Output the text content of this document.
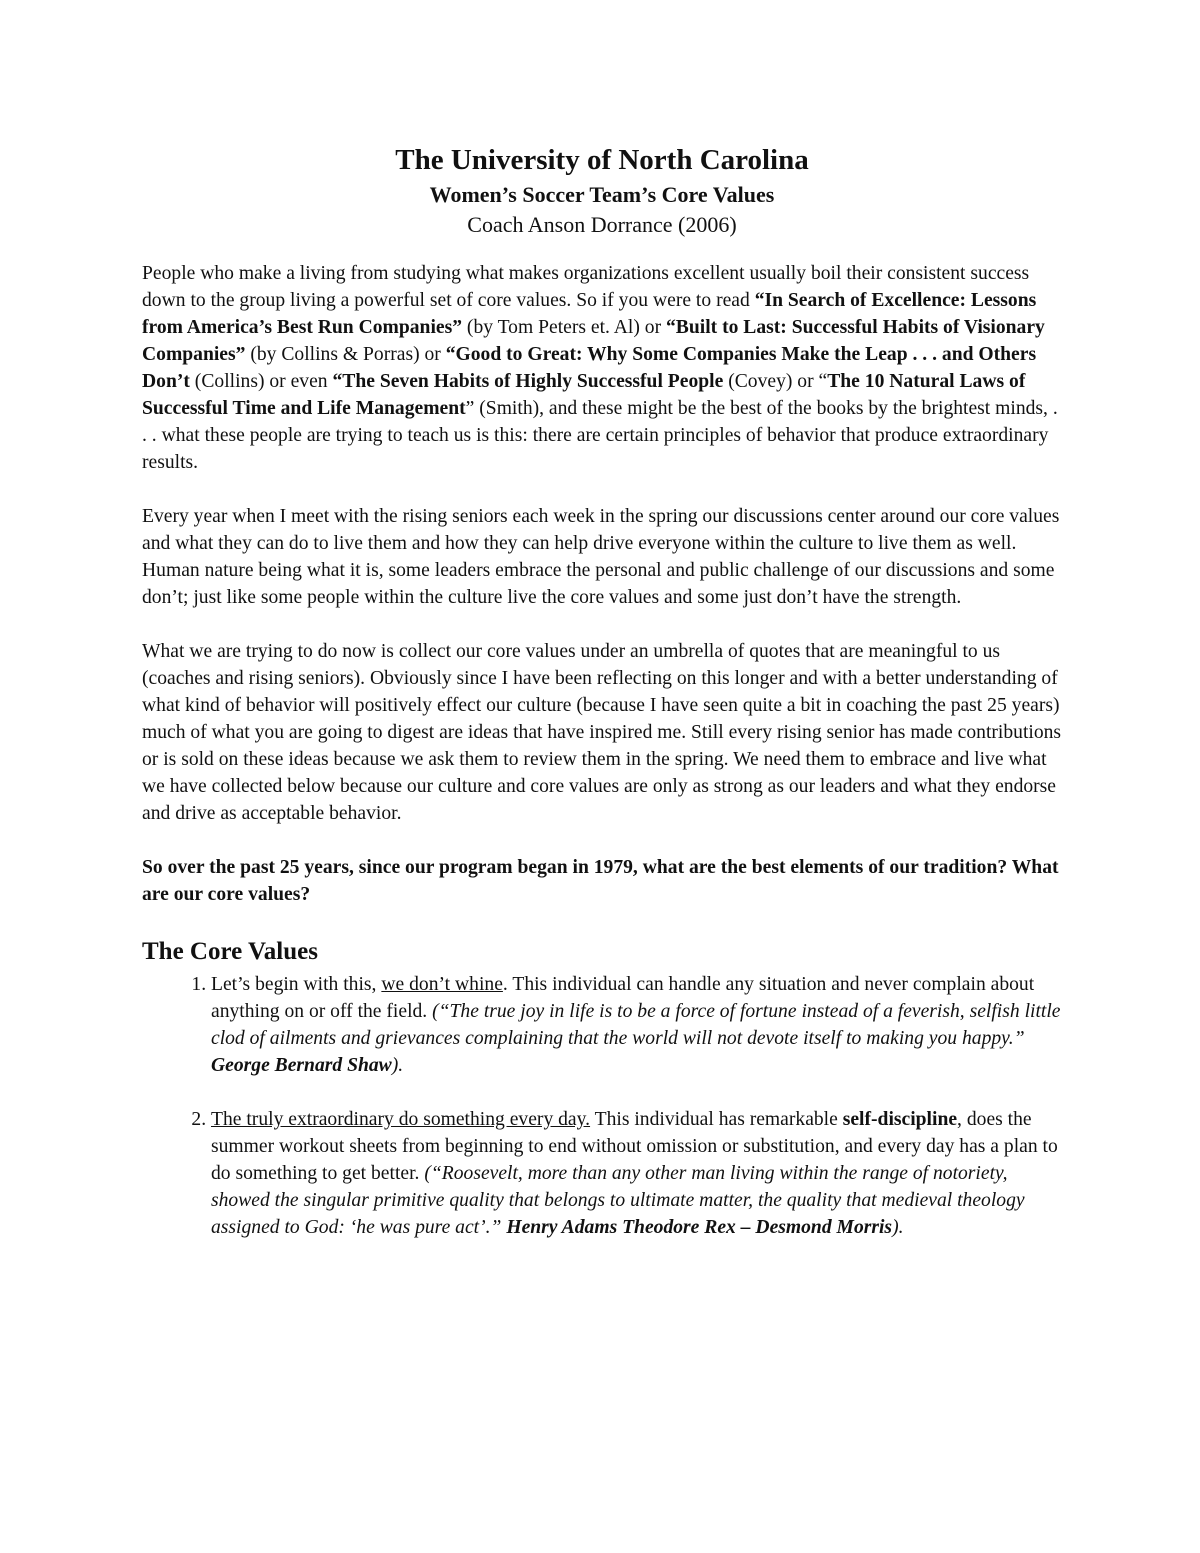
The University of North Carolina
Women’s Soccer Team’s Core Values
Coach Anson Dorrance (2006)

People who make a living from studying what makes organizations excellent usually boil their consistent success down to the group living a powerful set of core values. So if you were to read “In Search of Excellence: Lessons from America’s Best Run Companies” (by Tom Peters et. Al) or “Built to Last: Successful Habits of Visionary Companies” (by Collins & Porras) or “Good to Great: Why Some Companies Make the Leap . . . and Others Don’t (Collins) or even “The Seven Habits of Highly Successful People (Covey) or “The 10 Natural Laws of Successful Time and Life Management” (Smith), and these might be the best of the books by the brightest minds, . . . what these people are trying to teach us is this: there are certain principles of behavior that produce extraordinary results.

Every year when I meet with the rising seniors each week in the spring our discussions center around our core values and what they can do to live them and how they can help drive everyone within the culture to live them as well. Human nature being what it is, some leaders embrace the personal and public challenge of our discussions and some don’t; just like some people within the culture live the core values and some just don’t have the strength.

What we are trying to do now is collect our core values under an umbrella of quotes that are meaningful to us (coaches and rising seniors). Obviously since I have been reflecting on this longer and with a better understanding of what kind of behavior will positively effect our culture (because I have seen quite a bit in coaching the past 25 years) much of what you are going to digest are ideas that have inspired me. Still every rising senior has made contributions or is sold on these ideas because we ask them to review them in the spring. We need them to embrace and live what we have collected below because our culture and core values are only as strong as our leaders and what they endorse and drive as acceptable behavior.

So over the past 25 years, since our program began in 1979, what are the best elements of our tradition? What are our core values?

The Core Values
1. Let’s begin with this, we don’t whine. This individual can handle any situation and never complain about anything on or off the field. (“The true joy in life is to be a force of fortune instead of a feverish, selfish little clod of ailments and grievances complaining that the world will not devote itself to making you happy.” George Bernard Shaw).
2. The truly extraordinary do something every day. This individual has remarkable self-discipline, does the summer workout sheets from beginning to end without omission or substitution, and every day has a plan to do something to get better. (“Roosevelt, more than any other man living within the range of notoriety, showed the singular primitive quality that belongs to ultimate matter, the quality that medieval theology assigned to God: ‘he was pure act’.” Henry Adams Theodore Rex – Desmond Morris).
